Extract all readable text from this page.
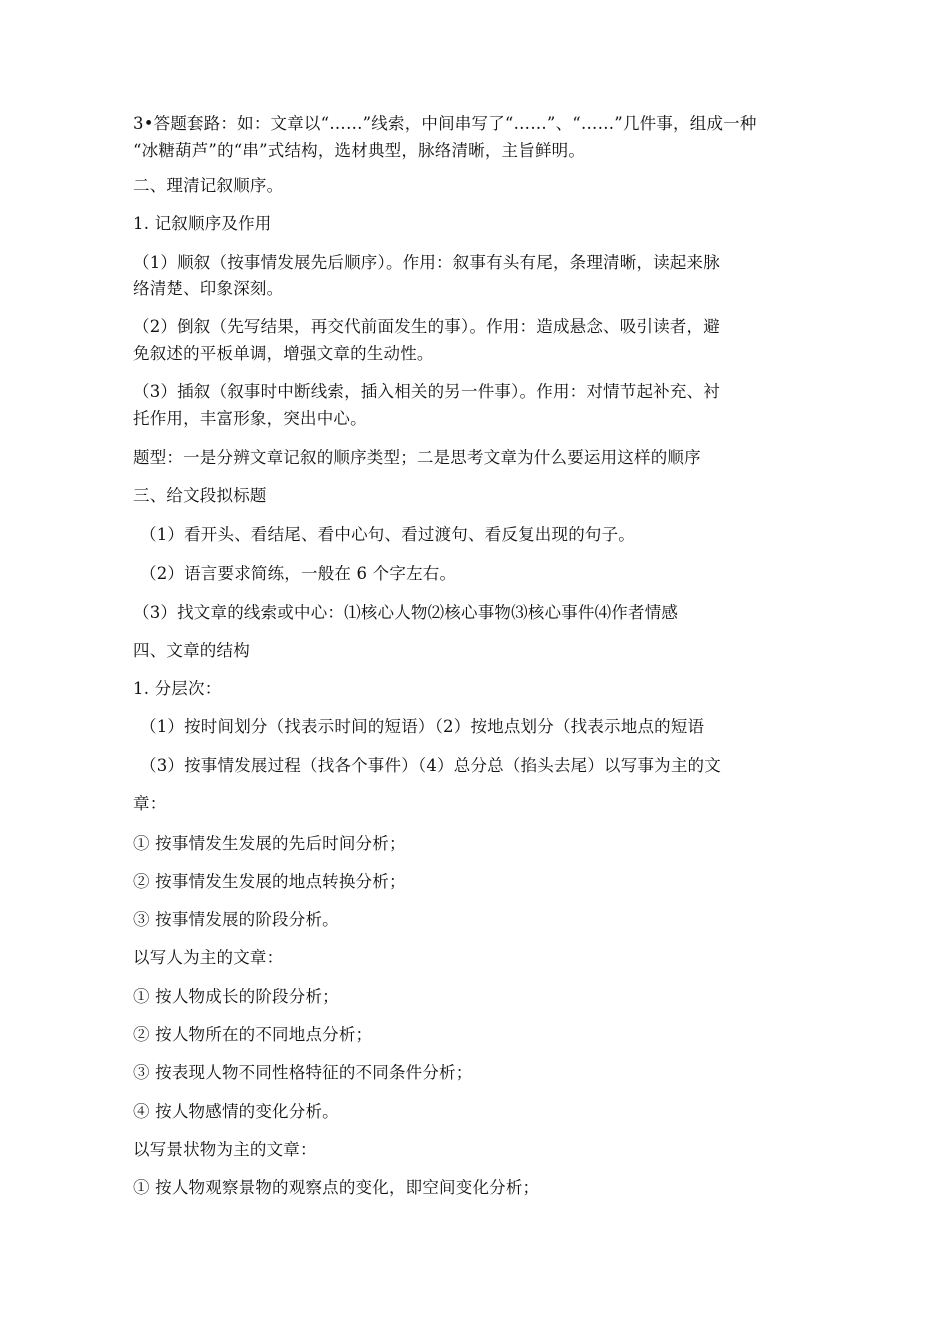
3•答题套路：如：文章以“……”线索，中间串写了“……”、“……”几件事，组成一种
“冰糖葫芦”的“串”式结构，选材典型，脉络清晰，主旨鲜明。
二、理清记叙顺序。
1. 记叙顺序及作用
（1）顺叙（按事情发展先后顺序）。作用：叙事有头有尾，条理清晰，读起来脉
络清楚、印象深刻。
（2）倒叙（先写结果，再交代前面发生的事）。作用：造成悬念、吸引读者，避
免叙述的平板单调，增强文章的生动性。
（3）插叙（叙事时中断线索，插入相关的另一件事）。作用：对情节起补充、衬
托作用，丰富形象，突出中心。
题型：一是分辨文章记叙的顺序类型；二是思考文章为什么要运用这样的顺序
三、给文段拟标题
（1）看开头、看结尾、看中心句、看过渡句、看反复出现的句子。
（2）语言要求简练，一般在 6 个字左右。
（3）找文章的线索或中心：⑴核心人物⑵核心事物⑶核心事件⑷作者情感
四、文章的结构
1. 分层次：
（1）按时间划分（找表示时间的短语）（2）按地点划分（找表示地点的短语
（3）按事情发展过程（找各个事件）（4）总分总（掐头去尾）以写事为主的文
章：
① 按事情发生发展的先后时间分析；
② 按事情发生发展的地点转换分析；
③ 按事情发展的阶段分析。
以写人为主的文章：
① 按人物成长的阶段分析；
② 按人物所在的不同地点分析；
③ 按表现人物不同性格特征的不同条件分析；
④ 按人物感情的变化分析。
以写景状物为主的文章：
① 按人物观察景物的观察点的变化，即空间变化分析；
